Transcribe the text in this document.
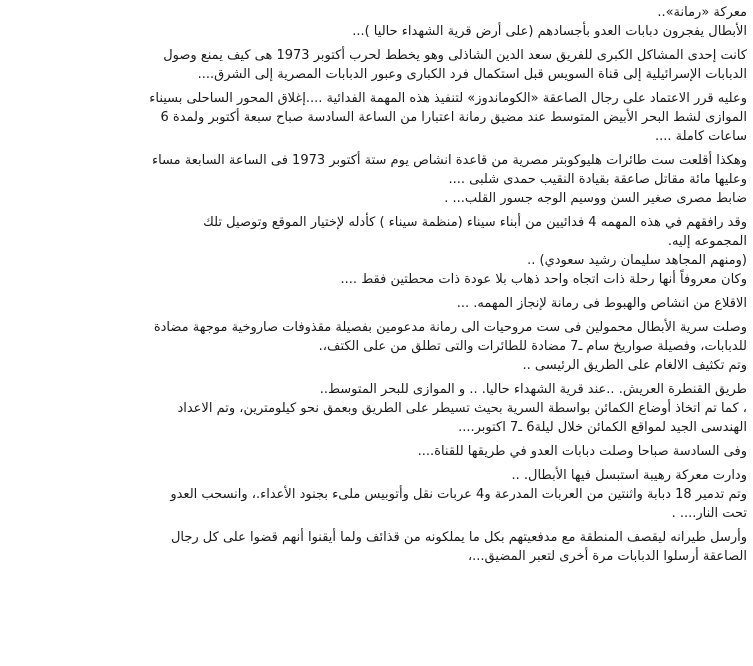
معركة «رمانة»..
الأبطال يفجرون دبابات العدو بأجسادهم (على أرض قرية الشهداء حاليا )...
كانت إحدى المشاكل الكبرى للفريق سعد الدين الشاذلى وهو يخطط لحرب أكتوبر 1973 هى كيف يمنع وصول
الدبابات الإسرائيلية إلى قناة السويس قبل استكمال فرد الكبارى وعبور الدبابات المصرية إلى الشرق....
وعليه قرر الاعتماد على رجال الصاعقة «الكوماندوز» لتنفيذ هذه المهمة الفدائية ....إغلاق المحور الساحلى بسيناء
الموازى لشط البحر الأبيض المتوسط عند مضيق رمانة اعتبارا من الساعة السادسة صباح سبعة أكتوبر ولمدة 6
ساعات كاملة ....
وهكذا أقلعت ست طائرات هليوكوبتر مصرية من قاعدة انشاص يوم ستة أكتوبر 1973 فى الساعة السابعة مساء
وعليها مائة مقاتل صاعقة بقيادة النقيب حمدى شلبى ....
ضابط مصرى صغير السن ووسيم الوجه جسور القلب... .
وقد رافقهم في هذه المهمه 4 فدائيين من أبناء سيناء (منظمة سيناء ) كأدله لإختيار الموقع وتوصيل تلك
المجموعه إليه.
(ومنهم المجاهد سليمان رشيد سعودي) ..
وكان معروفاً أنها رحلة ذات اتجاه واحد ذهاب بلا عودة ذات محطتين فقط ....
الاقلاع من انشاص والهبوط فى رمانة لإنجاز المهمه. ...
وصلت سرية الأبطال محمولين فى ست مروحيات الى رمانة مدعومين بفصيلة مقذوفات صاروخية موجهة مضادة
للدبابات، وفصيلة صواريخ سام ـ7 مضادة للطائرات والتى تطلق من على الكتف،.
وتم تكثيف الالغام على الطريق الرئيسى ..
طريق القنطرة العريش. ..عند قرية الشهداء حاليا. .. و الموازى للبحر المتوسط..
، كما تم اتخاذ أوضاع الكمائن بواسطة السرية بحيث تسيطر على الطريق وبعمق نحو كيلومترين، وتم الاعداد
الهندسى الجيد لمواقع الكمائن خلال ليلة6 ـ7 اكتوبر....
وفى السادسة صباحا وصلت دبابات العدو في طريقها للقناة....
ودارت معركة رهيبة استبسل فيها الأبطال. ..
وتم تدمير 18 دبابة واثنتين من العربات المدرعة و4 عربات نقل وأتوبيس ملىء بجنود الأعداء.، وانسحب العدو
تحت النار.... .
وأرسل طيرانه ليقصف المنطقة مع مدفعيتهم بكل ما يملكونه من قذائف ولما أيقنوا أنهم قضوا على كل رجال
الصاعقة أرسلوا الدبابات مرة أخرى لتعبر المضيق...،
